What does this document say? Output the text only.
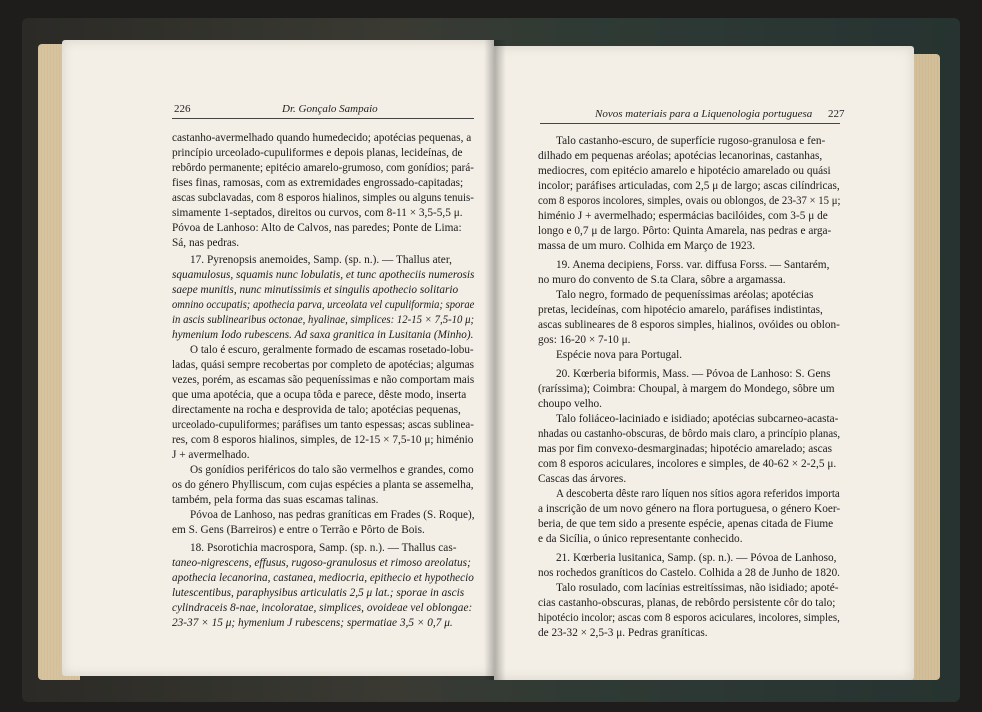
226	Dr. Gonçalo Sampaio	Novos materiais para a Liquenologia portuguesa 227
castanho-avermelhado quando humedecido; apotécias pequenas, a
princípio urceolado-cupuliformes e depois planas, lecideínas, de
rebôrdo permanente; epitécio amarelo-grumoso, com gonídios; pará-
fises finas, ramosas, com as extremidades engrossado-capitadas;
ascas subclavadas, com 8 esporos hialinos, simples ou alguns tenuis-
simamente 1-septados, direitos ou curvos, com 8-11 × 3,5-5,5 μ.
Póvoa de Lanhoso: Alto de Calvos, nas paredes; Ponte de Lima:
Sá, nas pedras.
17. Pyrenopsis anemoides, Samp. (sp. n.). — Thallus ater,
squamulosus, squamis nunc lobulatis, et tunc apotheciis numerosis
saepe munitis, nunc minutissimis et singulis apothecio solitario
omnino occupatis; apothecia parva, urceolata vel cupuliformia; sporae
in ascis sublinearibus octonae, hyalinae, simplices: 12-15 × 7,5-10 μ;
hymenium Iodo rubescens. Ad saxa granitica in Lusitania (Minho).
O talo é escuro, geralmente formado de escamas rosetado-lobu-
ladas, quási sempre recobertas por completo de apotécias; algumas
vezes, porém, as escamas são pequeníssimas e não comportam mais
que uma apotécia, que a ocupa tôda e parece, dêste modo, inserta
directamente na rocha e desprovida de talo; apotécias pequenas,
urceolado-cupuliformes; paráfises um tanto espessas; ascas sublinea-
res, com 8 esporos hialinos, simples, de 12-15 × 7,5-10 μ; himénio
J + avermelhado.
Os gonídios periféricos do talo são vermelhos e grandes, como
os do género Phylliscum, com cujas espécies a planta se assemelha,
também, pela forma das suas escamas talinas.
Póvoa de Lanhoso, nas pedras graníticas em Frades (S. Roque),
em S. Gens (Barreiros) e entre o Terrão e Pôrto de Bois.
18. Psorotichia macrospora, Samp. (sp. n.). — Thallus cas-
taneo-nigrescens, effusus, rugoso-granulosus et rimoso areolatus;
apothecia lecanorina, castanea, mediocria, epithecio et hypothecio
lutescentibus, paraphysibus articulatis 2,5 μ lat.; sporae in ascis
cylindraceis 8-nae, incoloratae, simplices, ovoideae vel oblongae:
23-37 × 15 μ; hymenium J rubescens; spermatiae 3,5 × 0,7 μ.
Talo castanho-escuro, de superfície rugoso-granulosa e fen-
dilhado em pequenas aréolas; apotécias lecanorinas, castanhas,
mediocres, com epitécio amarelo e hipotécio amarelado ou quási
incolor; paráfises articuladas, com 2,5 μ de largo; ascas cilíndricas,
com 8 esporos incolores, simples, ovais ou oblongos, de 23-37 × 15 μ;
himénio J + avermelhado; espermácias bacilóides, com 3-5 μ de
longo e 0,7 μ de largo. Pôrto: Quinta Amarela, nas pedras e arga-
massa de um muro. Colhida em Março de 1923.
19. Anema decipiens, Forss. var. diffusa Forss. — Santarém,
no muro do convento de S.ta Clara, sôbre a argamassa.
Talo negro, formado de pequeníssimas aréolas; apotécias
pretas, lecideínas, com hipotécio amarelo, paráfises indistintas,
ascas sublineares de 8 esporos simples, hialinos, ovóides ou oblon-
gos: 16-20 × 7-10 μ.
Espécie nova para Portugal.
20. Kœrberia biformis, Mass. — Póvoa de Lanhoso: S. Gens
(raríssima); Coimbra: Choupal, à margem do Mondego, sôbre um
choupo velho.
Talo foliáceo-laciniado e isidiado; apotécias subcarneo-acasta-
nhadas ou castanho-obscuras, de bôrdo mais claro, a princípio planas,
mas por fim convexo-desmarginadas; hipotécio amarelado; ascas
com 8 esporos aciculares, incolores e simples, de 40-62 × 2-2,5 μ.
Cascas das árvores.
A descoberta dêste raro líquen nos sítios agora referidos importa
a inscrição de um novo género na flora portuguesa, o género Koer-
beria, de que tem sido a presente espécie, apenas citada de Fiume
e da Sicília, o único representante conhecido.
21. Kœrberia lusitanica, Samp. (sp. n.). — Póvoa de Lanhoso,
nos rochedos graníticos do Castelo. Colhida a 28 de Junho de 1820.
Talo rosulado, com lacínias estreitíssimas, não isidiado; apoté-
cias castanho-obscuras, planas, de rebôrdo persistente côr do talo;
hipotécio incolor; ascas com 8 esporos aciculares, incolores, simples,
de 23-32 × 2,5-3 μ. Pedras graníticas.
